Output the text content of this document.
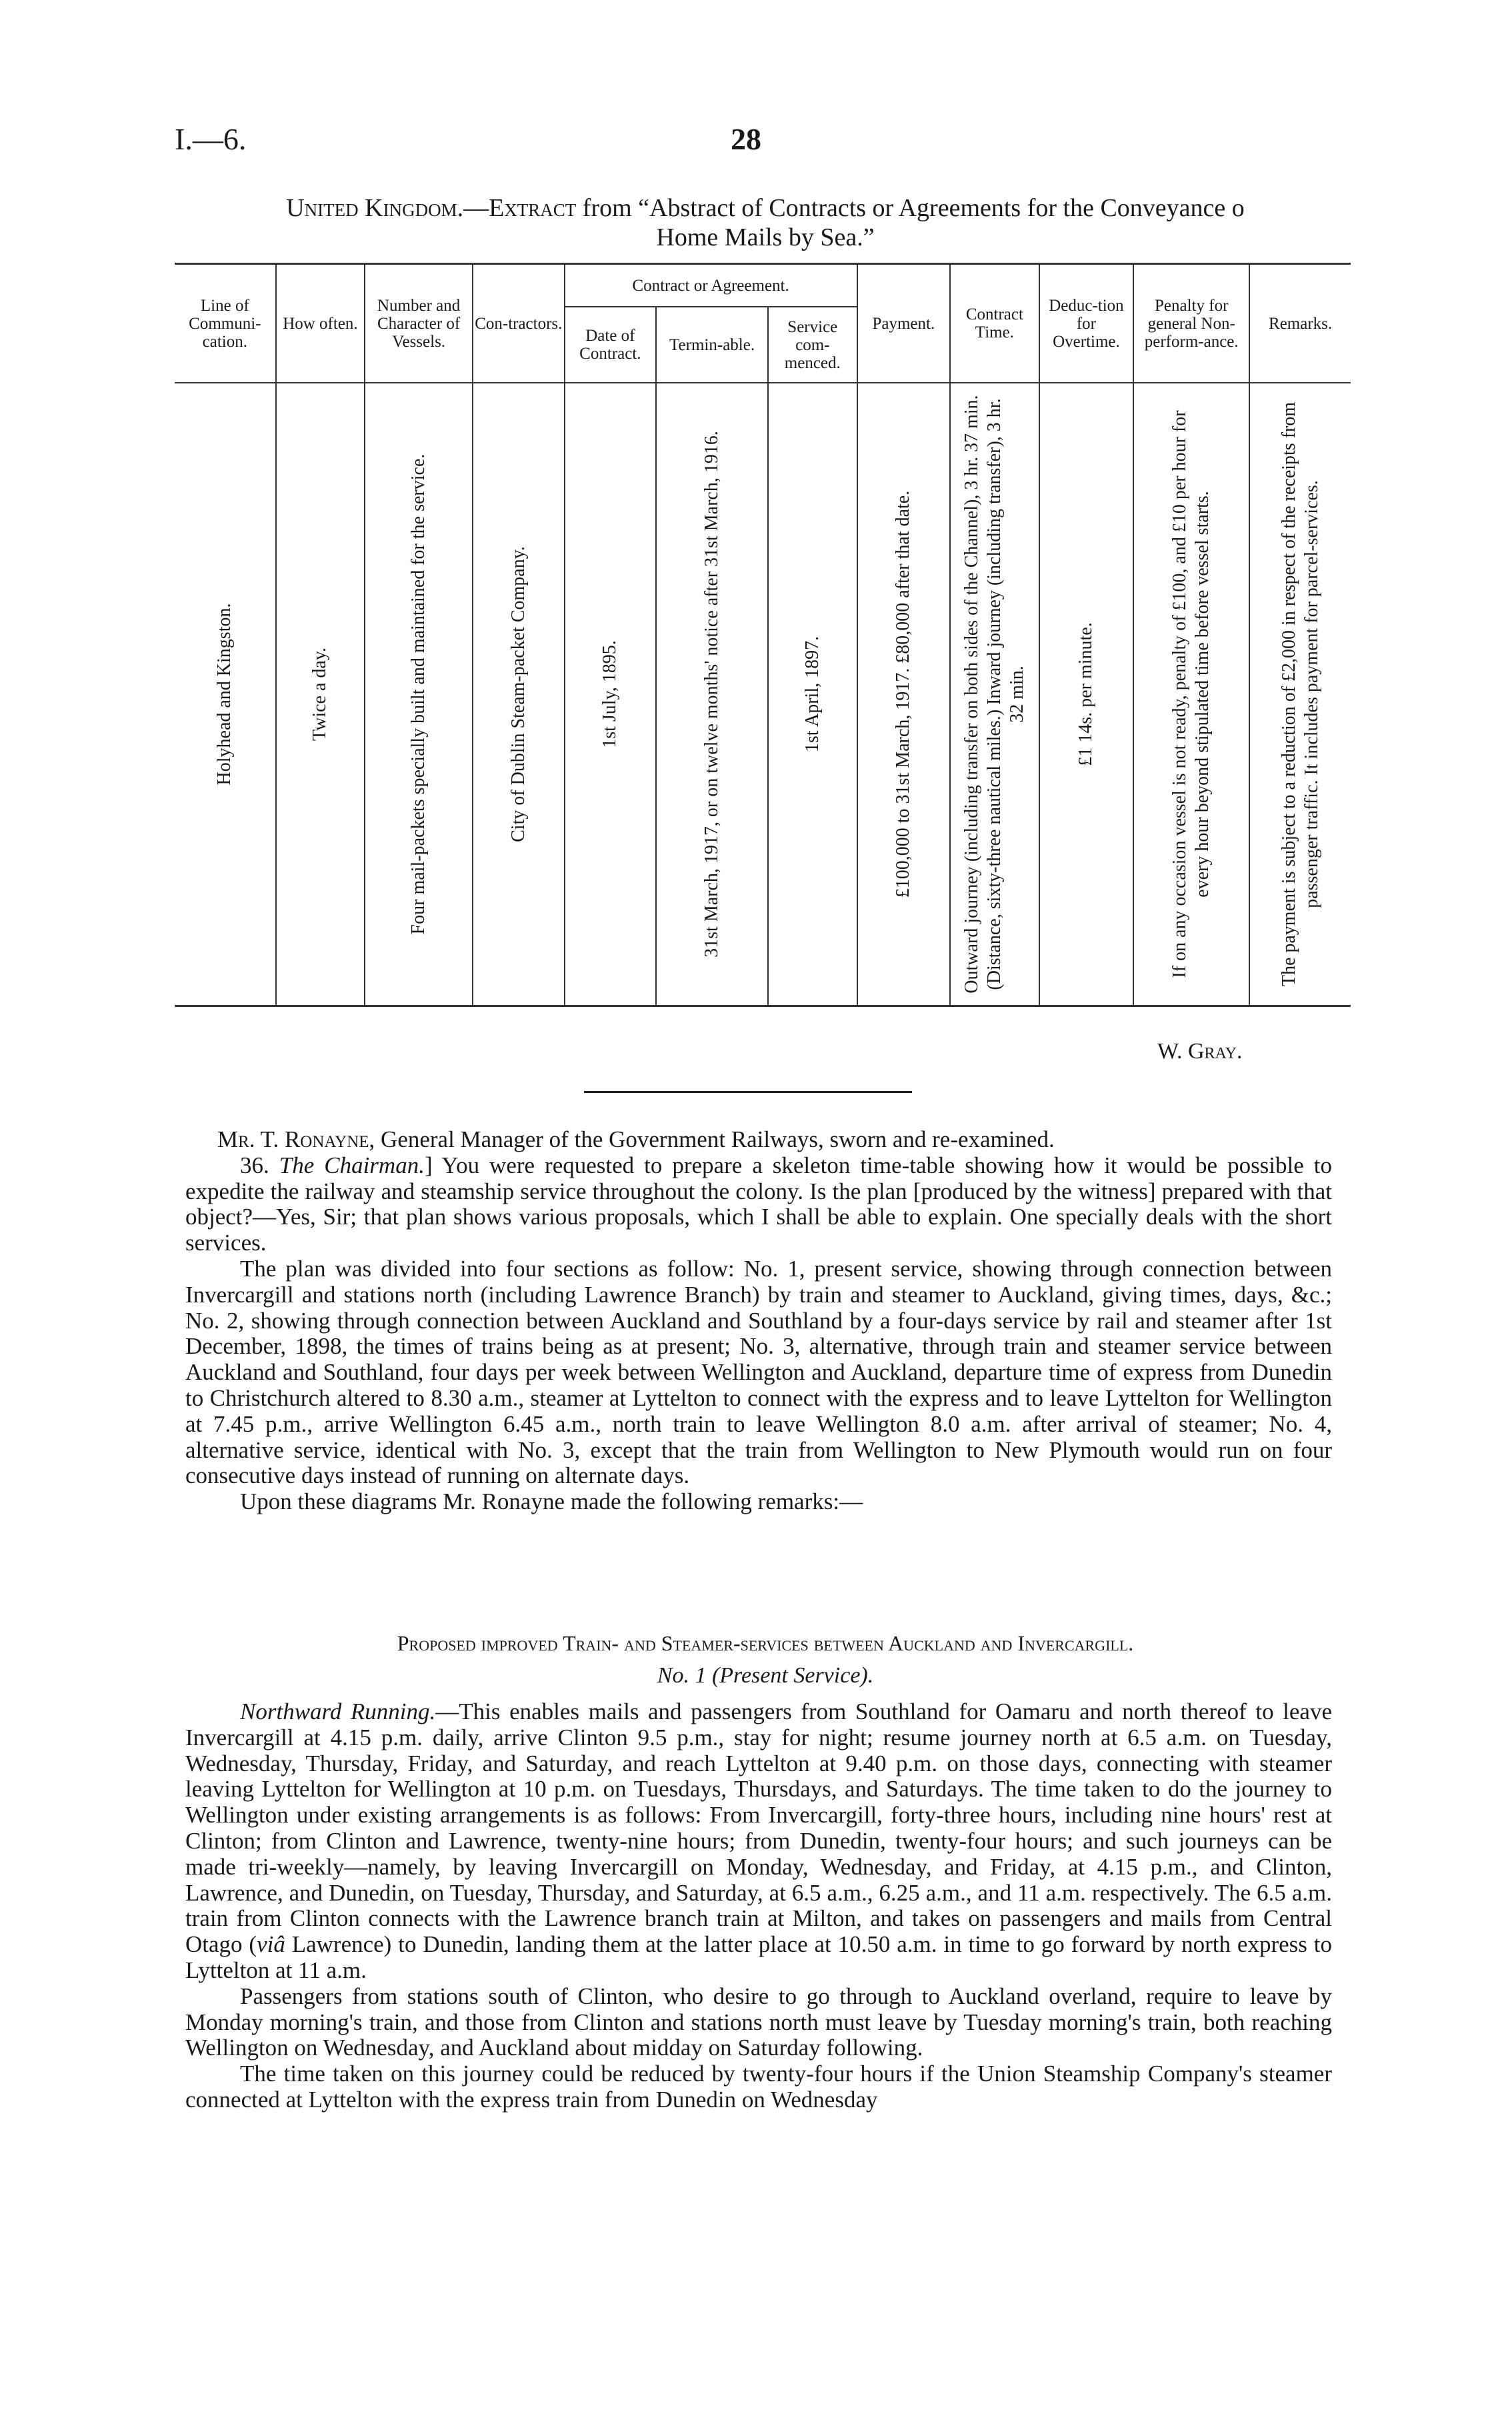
I.—6.	28
United Kingdom.—Extract from “Abstract of Contracts or Agreements for the Conveyance o
Home Mails by Sea.”
Line of Communi-cation.	How often.	Number and Character of Vessels.	Con-tractors.	Contract or Agreement.			Payment.	Contract Time.	Deduc-tion for Overtime.	Penalty for general Non-perform-ance.	Remarks.
				Date of Contract.	Termin-able.	Service com-menced.					

Holyhead and Kingston.	Twice a day.	Four mail-packets specially built and maintained for the service.	City of Dublin Steam-packet Company.	1st July, 1895.	31st March, 1917, or on twelve months' notice after 31st March, 1916.	1st April, 1897.	£100,000 to 31st March, 1917. £80,000 after that date.	Outward journey (including transfer on both sides of the Channel), 3 hr. 37 min. (Distance, sixty-three nautical miles.) Inward journey (including transfer), 3 hr. 32 min.	£1 14s. per minute.	If on any occasion vessel is not ready, penalty of £100, and £10 per hour for every hour beyond stipulated time before vessel starts.	The payment is subject to a reduction of £2,000 in respect of the receipts from passenger traffic. It includes payment for parcel-services.
W. Gray.

Mr. T. Ronayne, General Manager of the Government Railways, sworn and re-examined.

36. The Chairman.] You were requested to prepare a skeleton time-table showing how it would be possible to expedite the railway and steamship service throughout the colony. Is the plan [produced by the witness] prepared with that object?—Yes, Sir; that plan shows various proposals, which I shall be able to explain. One specially deals with the short services.

The plan was divided into four sections as follow: No. 1, present service, showing through connection between Invercargill and stations north (including Lawrence Branch) by train and steamer to Auckland, giving times, days, &c.; No. 2, showing through connection between Auckland and Southland by a four-days service by rail and steamer after 1st December, 1898, the times of trains being as at present; No. 3, alternative, through train and steamer service between Auckland and Southland, four days per week between Wellington and Auckland, departure time of express from Dunedin to Christchurch altered to 8.30 a.m., steamer at Lyttelton to connect with the express and to leave Lyttelton for Wellington at 7.45 p.m., arrive Wellington 6.45 a.m., north train to leave Wellington 8.0 a.m. after arrival of steamer; No. 4, alternative service, identical with No. 3, except that the train from Wellington to New Plymouth would run on four consecutive days instead of running on alternate days.

Upon these diagrams Mr. Ronayne made the following remarks:—

Proposed improved Train- and Steamer-services between Auckland and Invercargill.
No. 1 (Present Service).

Northward Running.—This enables mails and passengers from Southland for Oamaru and north thereof to leave Invercargill at 4.15 p.m. daily, arrive Clinton 9.5 p.m., stay for night; resume journey north at 6.5 a.m. on Tuesday, Wednesday, Thursday, Friday, and Saturday, and reach Lyttelton at 9.40 p.m. on those days, connecting with steamer leaving Lyttelton for Wellington at 10 p.m. on Tuesdays, Thursdays, and Saturdays. The time taken to do the journey to Wellington under existing arrangements is as follows: From Invercargill, forty-three hours, including nine hours' rest at Clinton; from Clinton and Lawrence, twenty-nine hours; from Dunedin, twenty-four hours; and such journeys can be made tri-weekly—namely, by leaving Invercargill on Monday, Wednesday, and Friday, at 4.15 p.m., and Clinton, Lawrence, and Dunedin, on Tuesday, Thursday, and Saturday, at 6.5 a.m., 6.25 a.m., and 11 a.m. respectively. The 6.5 a.m. train from Clinton connects with the Lawrence branch train at Milton, and takes on passengers and mails from Central Otago (viâ Lawrence) to Dunedin, landing them at the latter place at 10.50 a.m. in time to go forward by north express to Lyttelton at 11 a.m.

Passengers from stations south of Clinton, who desire to go through to Auckland overland, require to leave by Monday morning's train, and those from Clinton and stations north must leave by Tuesday morning's train, both reaching Wellington on Wednesday, and Auckland about midday on Saturday following.

The time taken on this journey could be reduced by twenty-four hours if the Union Steamship Company's steamer connected at Lyttelton with the express train from Dunedin on Wednesday
